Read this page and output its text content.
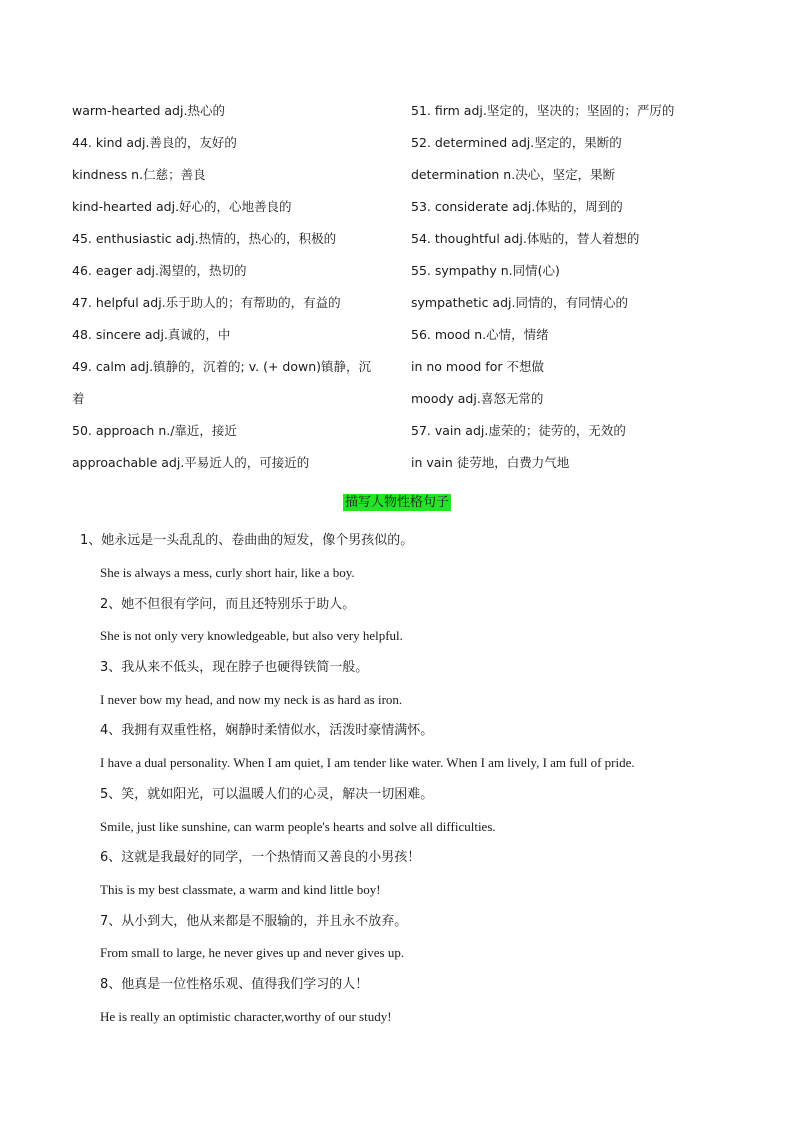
warm-hearted adj.热心的
44. kind adj.善良的，友好的
kindness n.仁慈；善良
kind-hearted adj.好心的，心地善良的
45. enthusiastic adj.热情的，热心的，积极的
46. eager adj.渴望的，热切的
47. helpful adj.乐于助人的；有帮助的，有益的
48. sincere adj.真诚的，中
49. calm adj.镇静的，沉着的; v. (+ down)镇静，沉
着
50. approach n./靠近，接近
approachable adj.平易近人的，可接近的
51. firm adj.坚定的，坚决的；坚固的；严厉的
52. determined adj.坚定的，果断的
determination n.决心，坚定，果断
53. considerate adj.体贴的，周到的
54. thoughtful adj.体贴的，替人着想的
55. sympathy n.同情(心)
sympathetic adj.同情的，有同情心的
56. mood n.心情，情绪
in no mood for 不想做
moody adj.喜怒无常的
57. vain adj.虚荣的；徒劳的，无效的
in vain 徒劳地，白费力气地
描写人物性格句子
1、她永远是一头乱乱的、卷曲曲的短发，像个男孩似的。
She is always a mess, curly short hair, like a boy.
2、她不但很有学问，而且还特别乐于助人。
She is not only very knowledgeable, but also very helpful.
3、我从来不低头，现在脖子也硬得铁简一般。
I never bow my head, and now my neck is as hard as iron.
4、我拥有双重性格，娴静时柔情似水，活泼时豪情满怀。
I have a dual personality. When I am quiet, I am tender like water. When I am lively, I am full of pride.
5、笑，就如阳光，可以温暖人们的心灵，解决一切困难。
Smile, just like sunshine, can warm people's hearts and solve all difficulties.
6、这就是我最好的同学，一个热情而又善良的小男孩！
This is my best classmate, a warm and kind little boy!
7、从小到大，他从来都是不服输的，并且永不放弃。
From small to large, he never gives up and never gives up.
8、他真是一位性格乐观、值得我们学习的人！
He is really an optimistic character,worthy of our study!
